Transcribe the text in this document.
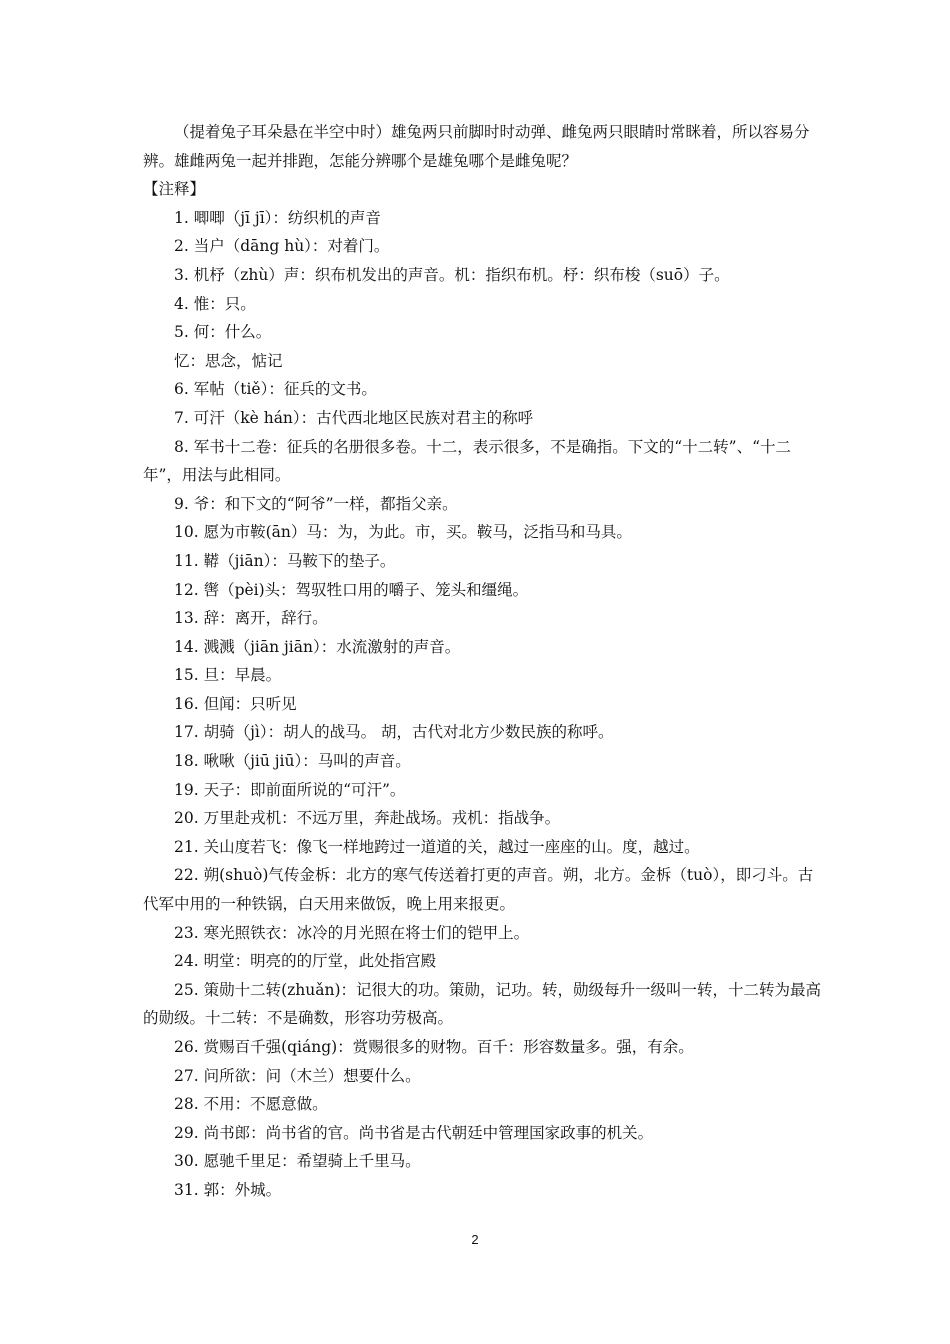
（提着兔子耳朵悬在半空中时）雄兔两只前脚时时动弹、雌兔两只眼睛时常眯着，所以容易分辨。雄雌两兔一起并排跑，怎能分辨哪个是雄兔哪个是雌兔呢？

【注释】

1. 唧唧（jī jī）：纺织机的声音

2. 当户（dāng hù）：对着门。

3. 机杼（zhù）声：织布机发出的声音。机：指织布机。杼：织布梭（suō）子。

4. 惟：只。

5. 何：什么。

忆：思念，惦记

6. 军帖（tiě）：征兵的文书。

7. 可汗（kè hán）：古代西北地区民族对君主的称呼

8. 军书十二卷：征兵的名册很多卷。十二，表示很多，不是确指。下文的“十二转”、“十二年”，用法与此相同。

9. 爷：和下文的“阿爷”一样，都指父亲。

10. 愿为市鞍(ān）马：为，为此。市，买。鞍马，泛指马和马具。

11. 鞯（jiān）：马鞍下的垫子。

12. 辔（pèi)头：驾驭牲口用的嚼子、笼头和缰绳。

13. 辞：离开，辞行。

14. 溅溅（jiān jiān）：水流激射的声音。

15. 旦：早晨。

16. 但闻：只听见

17. 胡骑（jì）：胡人的战马。 胡，古代对北方少数民族的称呼。

18. 啾啾（jiū jiū）：马叫的声音。

19. 天子：即前面所说的“可汗”。

20. 万里赴戎机：不远万里，奔赴战场。戎机：指战争。

21. 关山度若飞：像飞一样地跨过一道道的关，越过一座座的山。度，越过。

22. 朔(shuò)气传金柝：北方的寒气传送着打更的声音。朔，北方。金柝（tuò），即刁斗。古代军中用的一种铁锅，白天用来做饭，晚上用来报更。

23. 寒光照铁衣：冰冷的月光照在将士们的铠甲上。

24. 明堂：明亮的的厅堂，此处指宫殿

25. 策勋十二转(zhuǎn)：记很大的功。策勋，记功。转，勋级每升一级叫一转，十二转为最高的勋级。十二转：不是确数，形容功劳极高。

26. 赏赐百千强(qiáng)：赏赐很多的财物。百千：形容数量多。强，有余。

27. 问所欲：问（木兰）想要什么。

28. 不用：不愿意做。

29. 尚书郎：尚书省的官。尚书省是古代朝廷中管理国家政事的机关。

30. 愿驰千里足：希望骑上千里马。

31. 郭：外城。

2
